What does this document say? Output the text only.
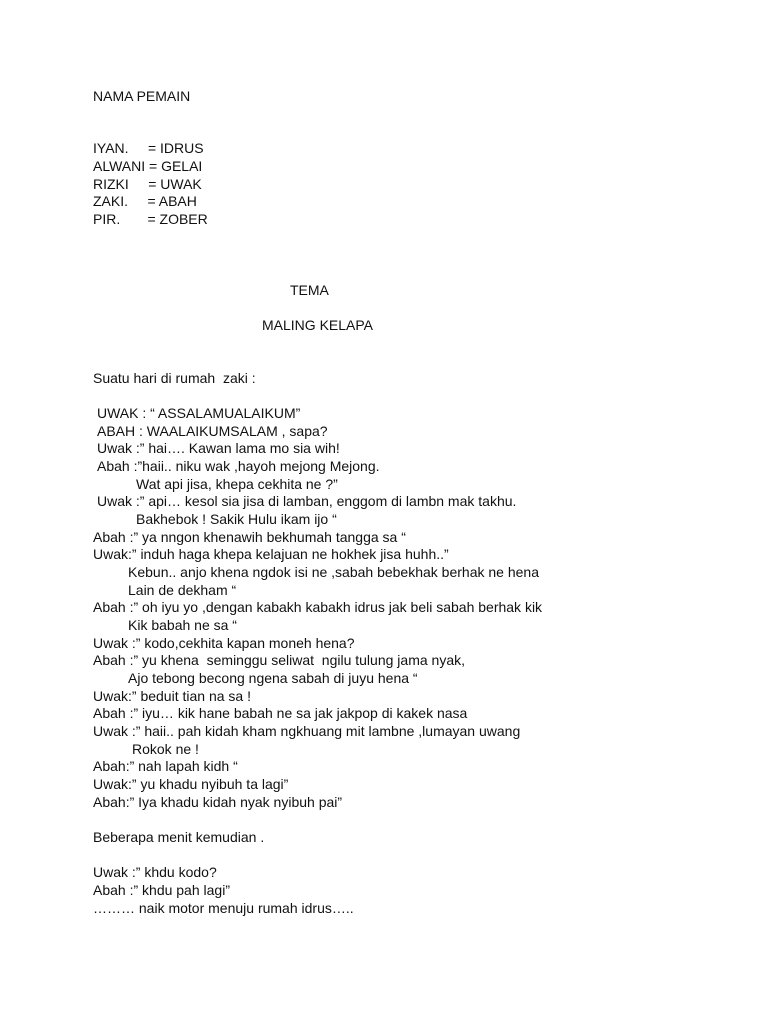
NAMA PEMAIN
IYAN.     = IDRUS
ALWANI = GELAI
RIZKI     = UWAK
ZAKI.     = ABAH
PIR.       = ZOBER
TEMA
MALING KELAPA
Suatu hari di rumah  zaki :
UWAK : “ ASSALAMUALAIKUM”
ABAH : WAALAIKUMSALAM , sapa?
Uwak :” hai…. Kawan lama mo sia wih!
Abah :”haii.. niku wak ,hayoh mejong Mejong.
Wat api jisa, khepa cekhita ne ?”
Uwak :” api… kesol sia jisa di lamban, enggom di lambn mak takhu.
Bakhebok ! Sakik Hulu ikam ijo “
Abah :” ya nngon khenawih bekhumah tangga sa “
Uwak:” induh haga khepa kelajuan ne hokhek jisa huhh..”
Kebun.. anjo khena ngdok isi ne ,sabah bebekhak berhak ne hena
Lain de dekham “
Abah :” oh iyu yo ,dengan kabakh kabakh idrus jak beli sabah berhak kik
Kik babah ne sa “
Uwak :” kodo,cekhita kapan moneh hena?
Abah :” yu khena  seminggu seliwat  ngilu tulung jama nyak,
Ajo tebong becong ngena sabah di juyu hena “
Uwak:” beduit tian na sa !
Abah :” iyu… kik hane babah ne sa jak jakpop di kakek nasa
Uwak :” haii.. pah kidah kham ngkhuang mit lambne ,lumayan uwang
Rokok ne !
Abah:” nah lapah kidh “
Uwak:” yu khadu nyibuh ta lagi”
Abah:” Iya khadu kidah nyak nyibuh pai”
Beberapa menit kemudian .
Uwak :” khdu kodo?
Abah :” khdu pah lagi”
……… naik motor menuju rumah idrus…..
